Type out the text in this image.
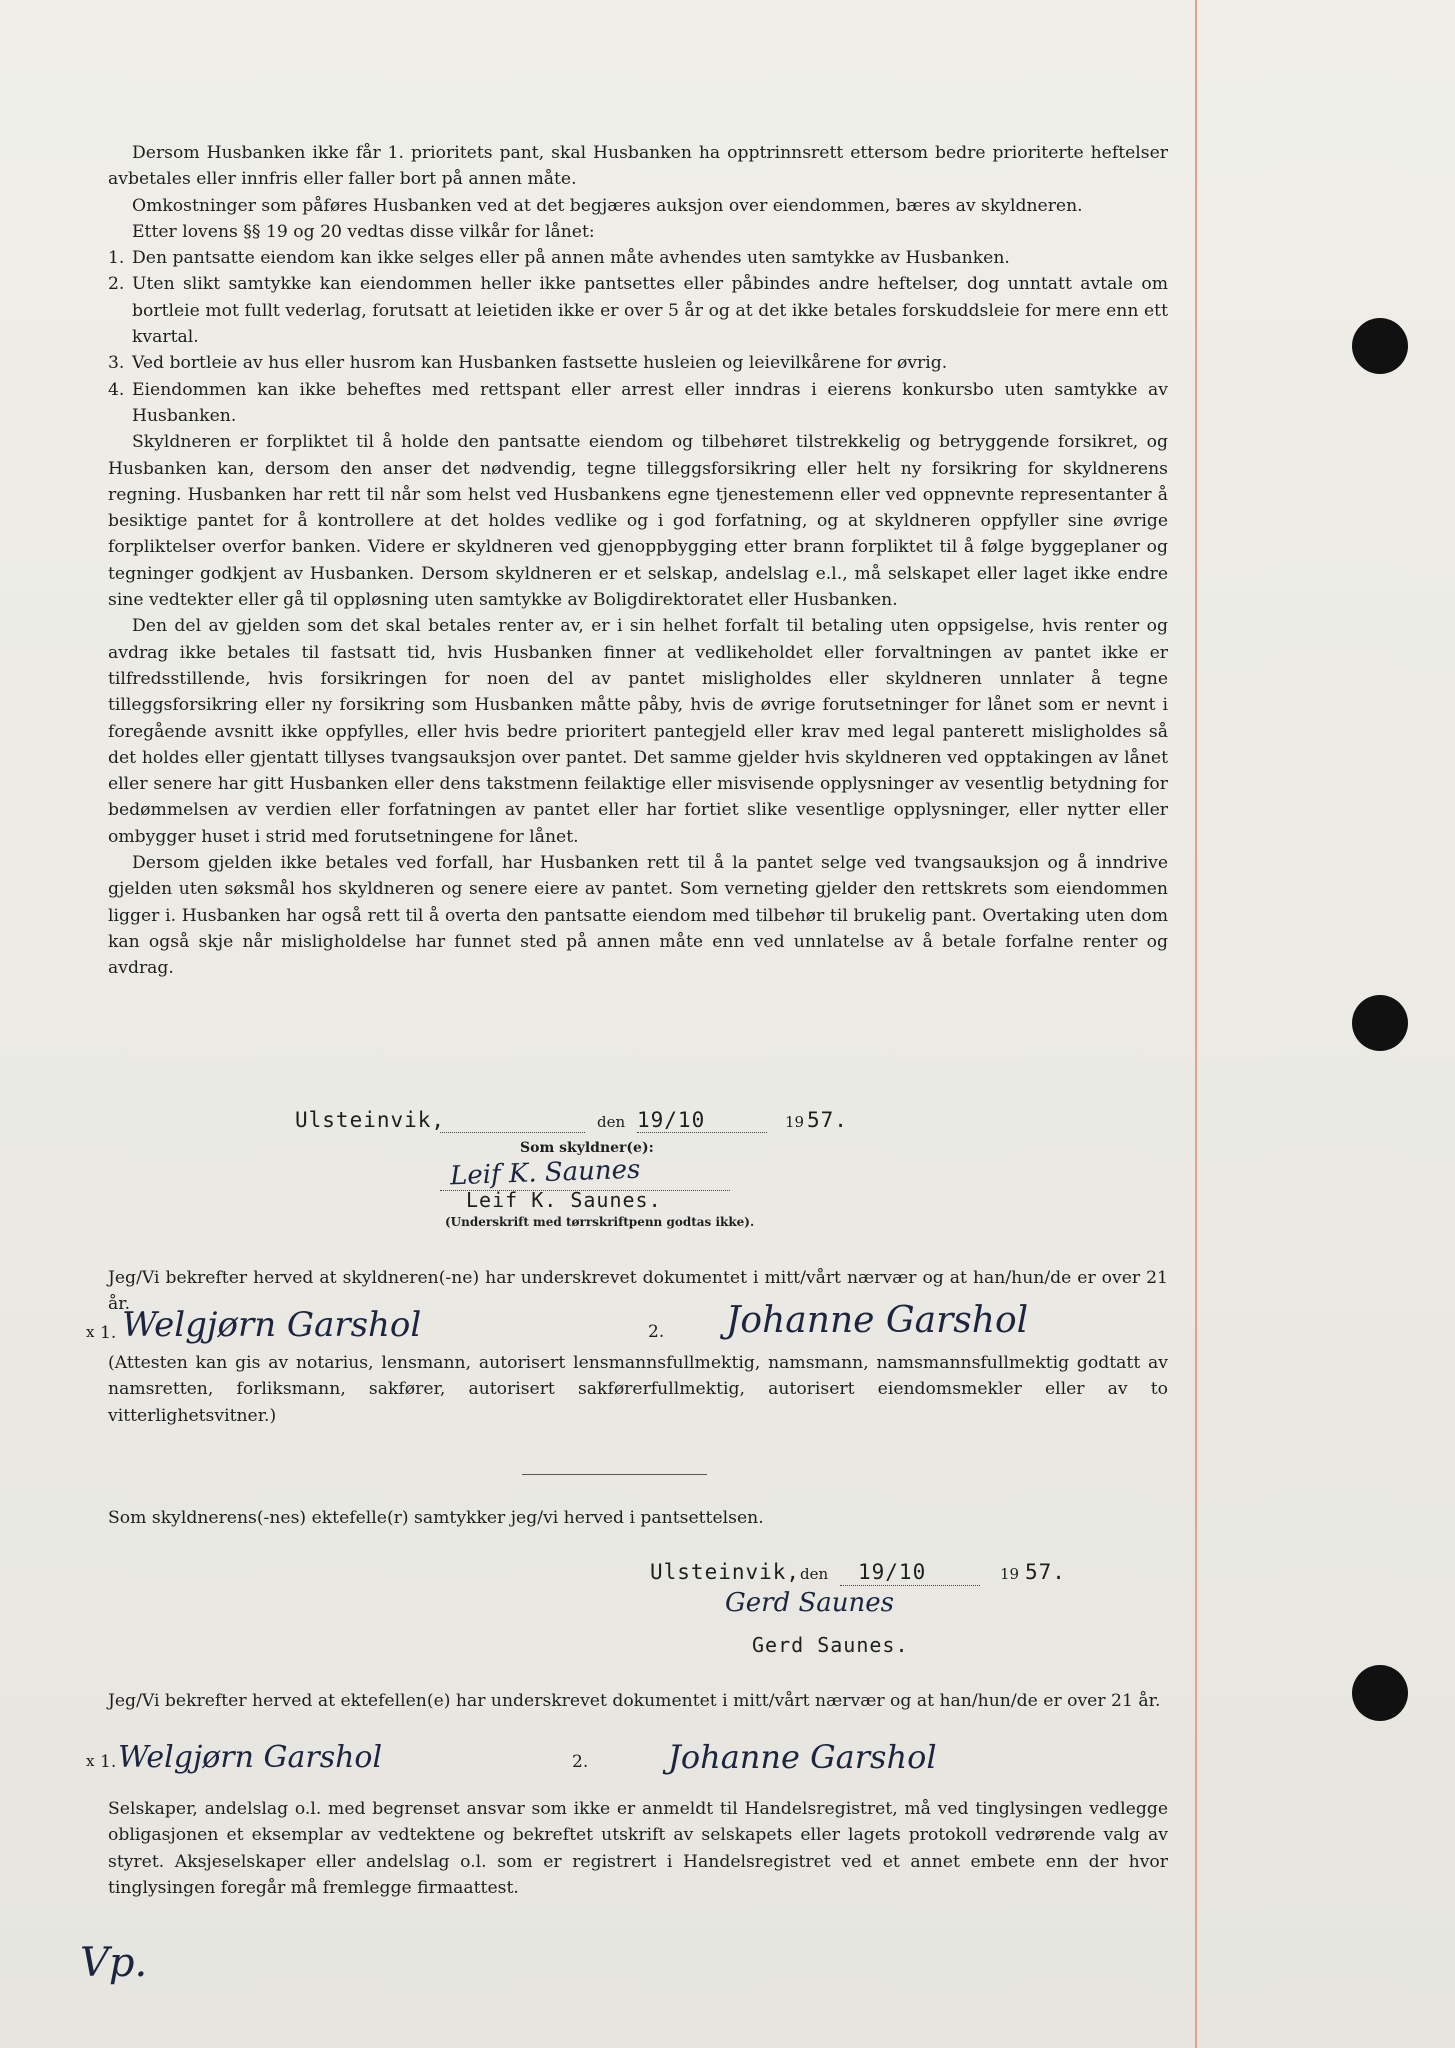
Dersom Husbanken ikke får 1. prioritets pant, skal Husbanken ha opptrinnsrett ettersom bedre prioriterte heftelser avbetales eller innfris eller faller bort på annen måte.

Omkostninger som påføres Husbanken ved at det begjæres auksjon over eiendommen, bæres av skyldneren.

Etter lovens §§ 19 og 20 vedtas disse vilkår for lånet:

1. Den pantsatte eiendom kan ikke selges eller på annen måte avhendes uten samtykke av Husbanken.
2. Uten slikt samtykke kan eiendommen heller ikke pantsettes eller påbindes andre heftelser, dog unntatt avtale om bortleie mot fullt vederlag, forutsatt at leietiden ikke er over 5 år og at det ikke betales forskuddsleie for mere enn ett kvartal.
3. Ved bortleie av hus eller husrom kan Husbanken fastsette husleien og leievilkårene for øvrig.
4. Eiendommen kan ikke beheftes med rettspant eller arrest eller inndras i eierens konkursbo uten samtykke av Husbanken.

Skyldneren er forpliktet til å holde den pantsatte eiendom og tilbehøret tilstrekkelig og betryggende forsikret, og Husbanken kan, dersom den anser det nødvendig, tegne tilleggsforsikring eller helt ny forsikring for skyldnerens regning. Husbanken har rett til når som helst ved Husbankens egne tjenestemenn eller ved oppnevnte representanter å besiktige pantet for å kontrollere at det holdes vedlike og i god forfatning, og at skyldneren oppfyller sine øvrige forpliktelser overfor banken. Videre er skyldneren ved gjenoppbygging etter brann forpliktet til å følge byggeplaner og tegninger godkjent av Husbanken. Dersom skyldneren er et selskap, andelslag e.l., må selskapet eller laget ikke endre sine vedtekter eller gå til oppløsning uten samtykke av Boligdirektoratet eller Husbanken.

Den del av gjelden som det skal betales renter av, er i sin helhet forfalt til betaling uten oppsigelse, hvis renter og avdrag ikke betales til fastsatt tid, hvis Husbanken finner at vedlikeholdet eller forvaltningen av pantet ikke er tilfredsstillende, hvis forsikringen for noen del av pantet misligholdes eller skyldneren unnlater å tegne tilleggsforsikring eller ny forsikring som Husbanken måtte påby, hvis de øvrige forutsetninger for lånet som er nevnt i foregående avsnitt ikke oppfylles, eller hvis bedre prioritert pantegjeld eller krav med legal panterett misligholdes så det holdes eller gjentatt tillyses tvangsauksjon over pantet. Det samme gjelder hvis skyldneren ved opptakingen av lånet eller senere har gitt Husbanken eller dens takstmenn feilaktige eller misvisende opplysninger av vesentlig betydning for bedømmelsen av verdien eller forfatningen av pantet eller har fortiet slike vesentlige opplysninger, eller nytter eller ombygger huset i strid med forutsetningene for lånet.

Dersom gjelden ikke betales ved forfall, har Husbanken rett til å la pantet selge ved tvangsauksjon og å inndrive gjelden uten søksmål hos skyldneren og senere eiere av pantet. Som verneting gjelder den rettskrets som eiendommen ligger i. Husbanken har også rett til å overta den pantsatte eiendom med tilbehør til brukelig pant. Overtaking uten dom kan også skje når misligholdelse har funnet sted på annen måte enn ved unnlatelse av å betale forfalne renter og avdrag.

Ulsteinvik,	den 19/10	19 57.
Som skyldner(e):
Leif K. Saunes
Leif K. Saunes.
(Underskrift med tørrskriftpenn godtas ikke).
Jeg/Vi bekrefter herved at skyldneren(-ne) har underskrevet dokumentet i mitt/vårt nærvær og at han/hun/de er over 21 år.
x 1. Welgjørn Garshol	2. Johanne Garshol
(Attesten kan gis av notarius, lensmann, autorisert lensmannsfullmektig, namsmann, namsmannsfullmektig godtatt av namsretten, forliksmann, sakfører, autorisert sakførerfullmektig, autorisert eiendomsmekler eller av to vitterlighetsvitner.)
Som skyldnerens(-nes) ektefelle(r) samtykker jeg/vi herved i pantsettelsen.
Ulsteinvik, den 19/10	19 57.
Gerd Saunes
Gerd Saunes.
Jeg/Vi bekrefter herved at ektefellen(e) har underskrevet dokumentet i mitt/vårt nærvær og at han/hun/de er over 21 år.
x 1. Welgjørn Garshol	2. Johanne Garshol
Selskaper, andelslag o.l. med begrenset ansvar som ikke er anmeldt til Handelsregistret, må ved tinglysingen vedlegge obligasjonen et eksemplar av vedtektene og bekreftet utskrift av selskapets eller lagets protokoll vedrørende valg av styret. Aksjeselskaper eller andelslag o.l. som er registrert i Handelsregistret ved et annet embete enn der hvor tinglysingen foregår må fremlegge firmaattest.
Vp.
